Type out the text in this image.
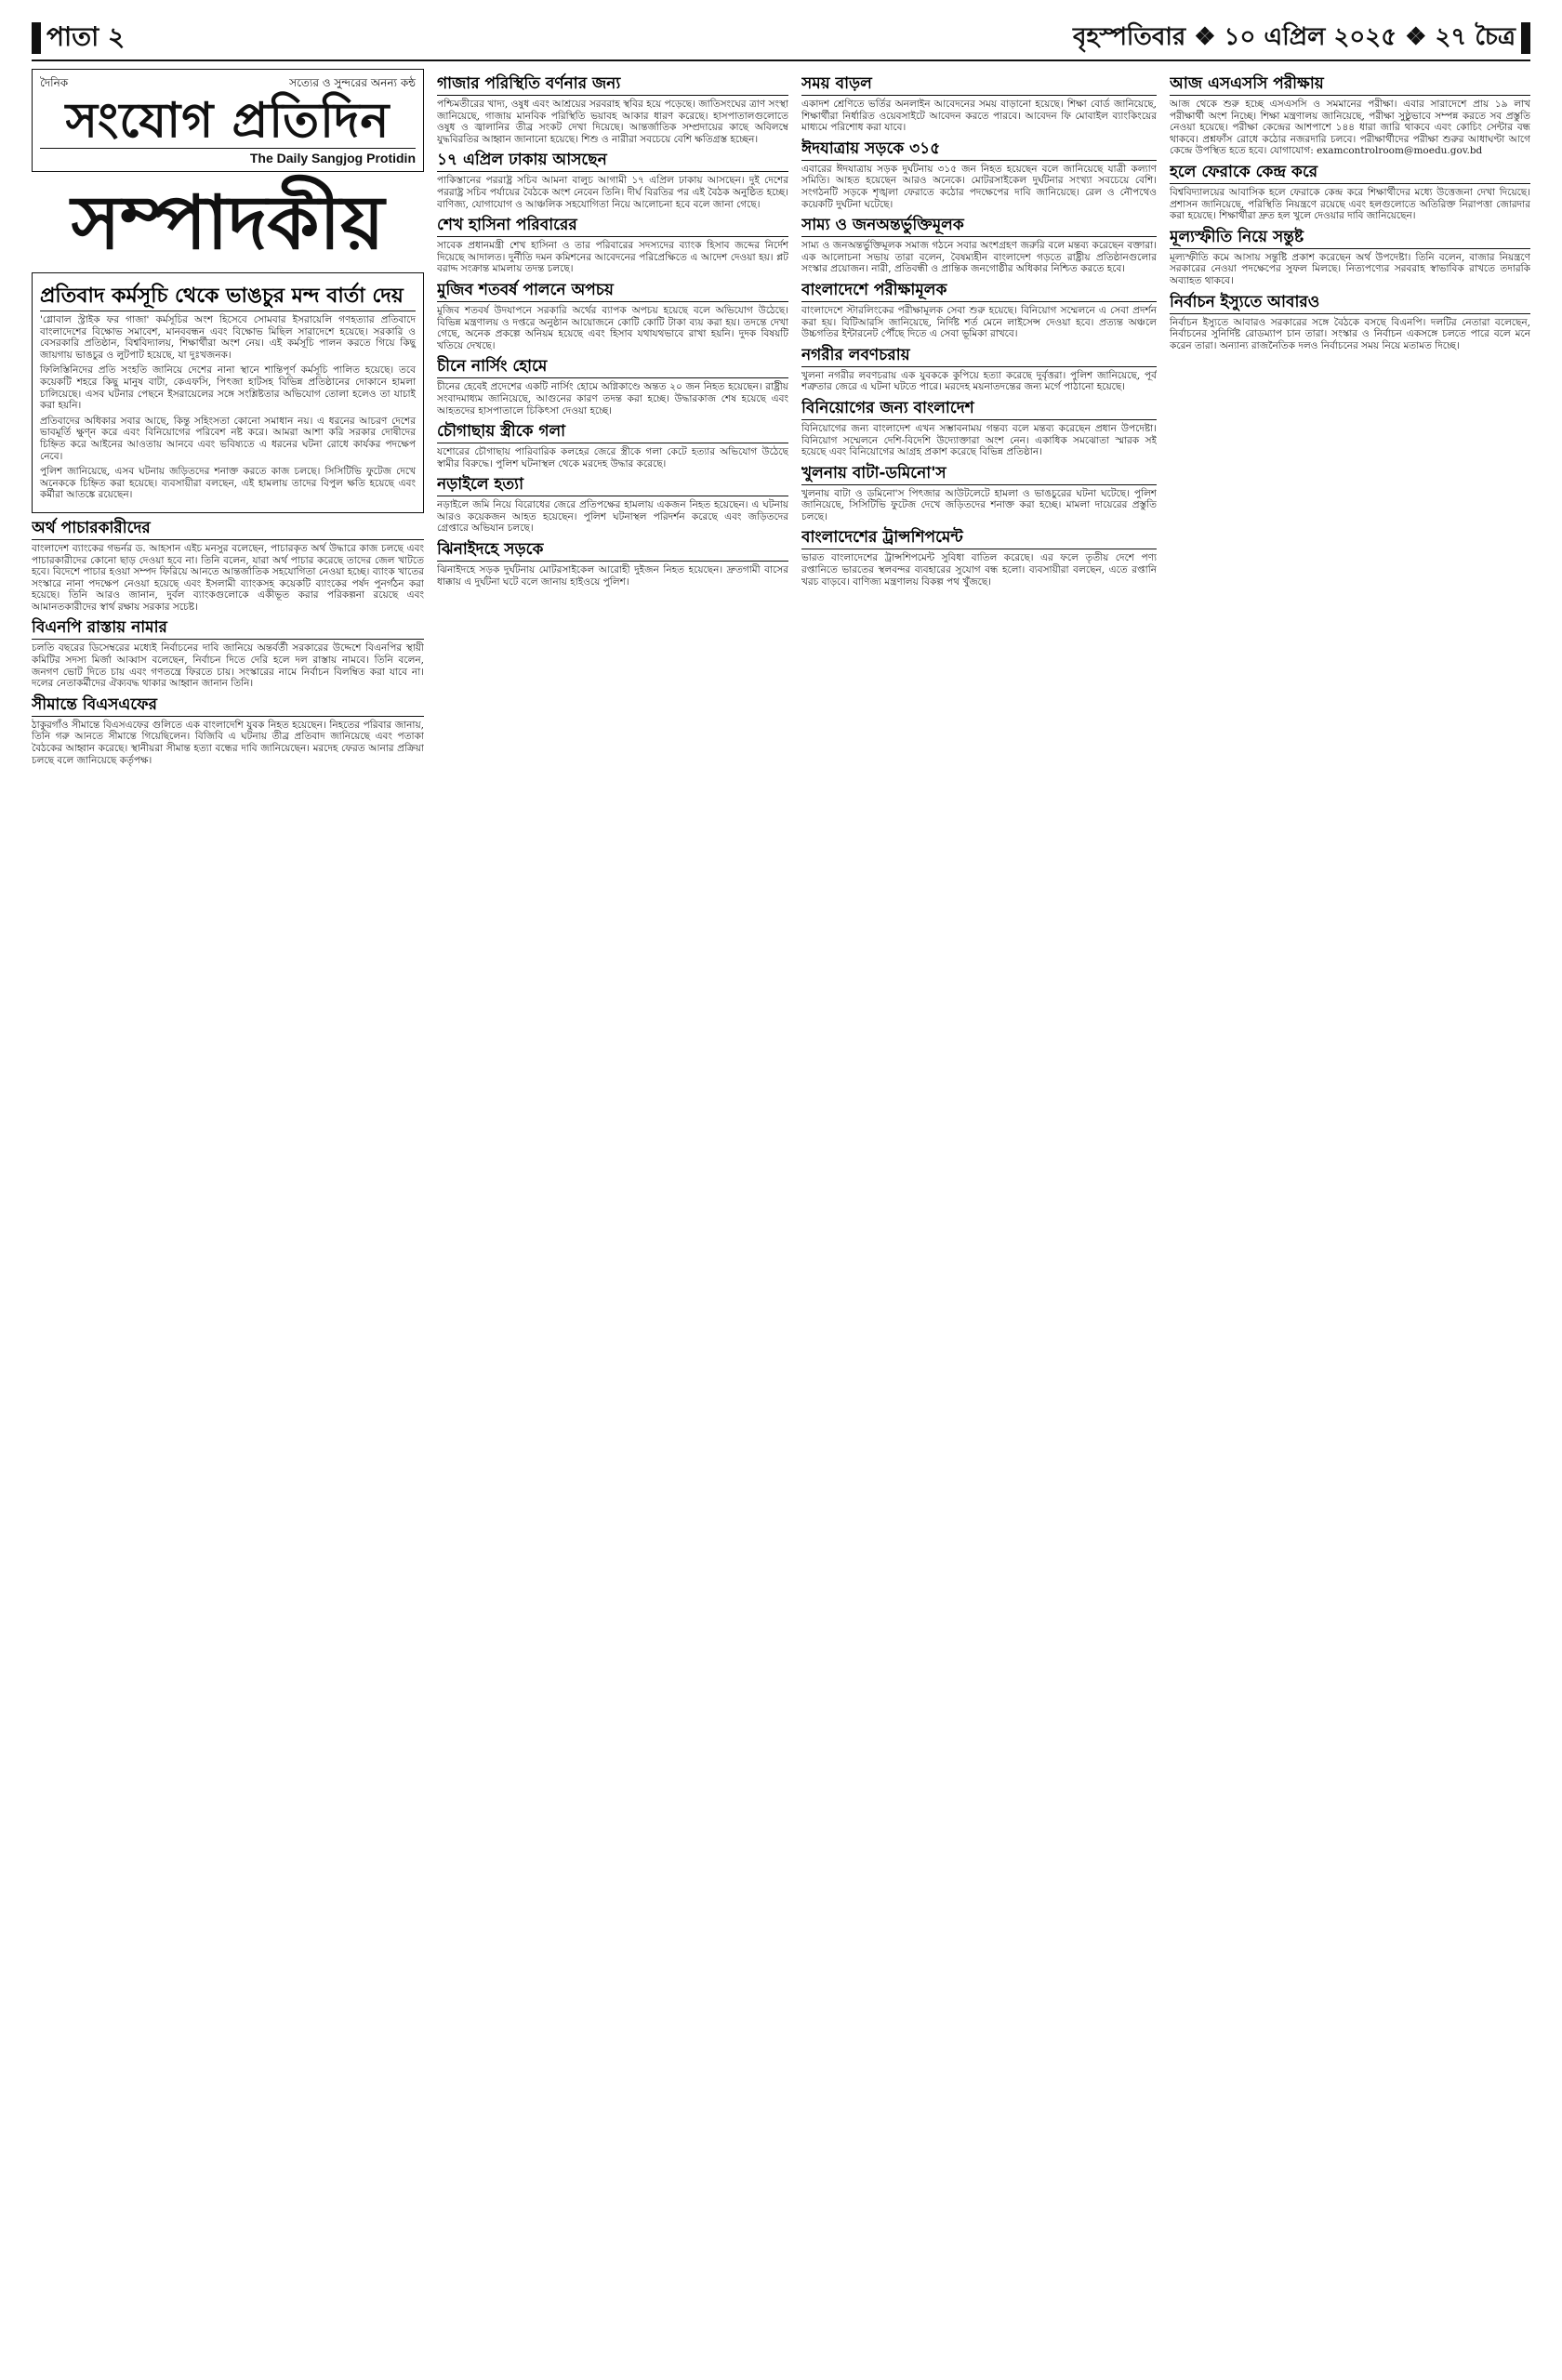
পাতা ২	বৃহস্পতিবার ❖ ১০ এপ্রিল ২০২৫ ❖ ২৭ চৈত্র
দৈনিক	সত্যের ও সুন্দরের অনন্য কন্ঠ
সংযোগ প্রতিদিন
The Daily Sangjog Protidin
সম্পাদকীয়
প্রতিবাদ কর্মসূচি থেকে ভাঙচুর মন্দ বার্তা দেয়

'গ্লোবাল স্ট্রাইক ফর গাজা' কর্মসূচির অংশ হিসেবে সোমবার ইসরায়েলি গণহত্যার প্রতিবাদে বাংলাদেশের বিক্ষোভ সমাবেশ, মানববন্ধন এবং বিক্ষোভ মিছিল সারাদেশে হয়েছে। সরকারি ও বেসরকারি প্রতিষ্ঠান, বিশ্ববিদ্যালয়, শিক্ষার্থীরা অংশ নেয়। এই কর্মসূচি পালন করতে গিয়ে কিছু জায়গায় ভাঙচুর ও লুটপাট হয়েছে, যা দুঃখজনক।

ফিলিস্তিনিদের প্রতি সংহতি জানিয়ে দেশের নানা স্থানে শান্তিপূর্ণ কর্মসূচি পালিত হয়েছে। তবে কয়েকটি শহরে কিছু মানুষ বাটা, কেএফসি, পিৎজা হাটসহ বিভিন্ন প্রতিষ্ঠানের দোকানে হামলা চালিয়েছে। এসব ঘটনার পেছনে ইসরায়েলের সঙ্গে সংশ্লিষ্টতার অভিযোগ তোলা হলেও তা যাচাই করা হয়নি।

প্রতিবাদের অধিকার সবার আছে, কিন্তু সহিংসতা কোনো সমাধান নয়। এ ধরনের আচরণ দেশের ভাবমূর্তি ক্ষুণ্ন করে এবং বিনিয়োগের পরিবেশ নষ্ট করে। আমরা আশা করি সরকার দোষীদের চিহ্নিত করে আইনের আওতায় আনবে এবং ভবিষ্যতে এ ধরনের ঘটনা রোধে কার্যকর পদক্ষেপ নেবে।

পুলিশ জানিয়েছে, এসব ঘটনায় জড়িতদের শনাক্ত করতে কাজ চলছে। সিসিটিভি ফুটেজ দেখে অনেককে চিহ্নিত করা হয়েছে। ব্যবসায়ীরা বলছেন, এই হামলায় তাদের বিপুল ক্ষতি হয়েছে এবং কর্মীরা আতঙ্কে রয়েছেন।

অর্থ পাচারকারীদের

বাংলাদেশ ব্যাংকের গভর্নর ড. আহসান এইচ মনসুর বলেছেন, পাচারকৃত অর্থ উদ্ধারে কাজ চলছে এবং পাচারকারীদের কোনো ছাড় দেওয়া হবে না। তিনি বলেন, যারা অর্থ পাচার করেছে তাদের জেল খাটতে হবে। বিদেশে পাচার হওয়া সম্পদ ফিরিয়ে আনতে আন্তর্জাতিক সহযোগিতা নেওয়া হচ্ছে। ব্যাংক খাতের সংস্কারে নানা পদক্ষেপ নেওয়া হয়েছে এবং ইসলামী ব্যাংকসহ কয়েকটি ব্যাংকের পর্ষদ পুনর্গঠন করা হয়েছে। তিনি আরও জানান, দুর্বল ব্যাংকগুলোকে একীভূত করার পরিকল্পনা রয়েছে এবং আমানতকারীদের স্বার্থ রক্ষায় সরকার সচেষ্ট।

বিএনপি রাস্তায় নামার

চলতি বছরের ডিসেম্বরের মধ্যেই নির্বাচনের দাবি জানিয়ে অন্তর্বর্তী সরকারের উদ্দেশে বিএনপির স্থায়ী কমিটির সদস্য মির্জা আব্বাস বলেছেন, নির্বাচন দিতে দেরি হলে দল রাস্তায় নামবে। তিনি বলেন, জনগণ ভোট দিতে চায় এবং গণতন্ত্রে ফিরতে চায়। সংস্কারের নামে নির্বাচন বিলম্বিত করা যাবে না। দলের নেতাকর্মীদের ঐক্যবদ্ধ থাকার আহ্বান জানান তিনি।

সীমান্তে বিএসএফের

ঠাকুরগাঁও সীমান্তে বিএসএফের গুলিতে এক বাংলাদেশি যুবক নিহত হয়েছেন। নিহতের পরিবার জানায়, তিনি গরু আনতে সীমান্তে গিয়েছিলেন। বিজিবি এ ঘটনায় তীব্র প্রতিবাদ জানিয়েছে এবং পতাকা বৈঠকের আহ্বান করেছে। স্থানীয়রা সীমান্ত হত্যা বন্ধের দাবি জানিয়েছেন। মরদেহ ফেরত আনার প্রক্রিয়া চলছে বলে জানিয়েছে কর্তৃপক্ষ।

গাজার পরিস্থিতি বর্ণনার জন্য

পশ্চিমতীরের খাদ্য, ওষুধ এবং আশ্রয়ের সরবরাহ স্থবির হয়ে পড়েছে। জাতিসংঘের ত্রাণ সংস্থা জানিয়েছে, গাজায় মানবিক পরিস্থিতি ভয়াবহ আকার ধারণ করেছে। হাসপাতালগুলোতে ওষুধ ও জ্বালানির তীব্র সংকট দেখা দিয়েছে। আন্তর্জাতিক সম্প্রদায়ের কাছে অবিলম্বে যুদ্ধবিরতির আহ্বান জানানো হয়েছে। শিশু ও নারীরা সবচেয়ে বেশি ক্ষতিগ্রস্ত হচ্ছেন।

১৭ এপ্রিল ঢাকায় আসছেন

পাকিস্তানের পররাষ্ট্র সচিব আমনা বালুচ আগামী ১৭ এপ্রিল ঢাকায় আসছেন। দুই দেশের পররাষ্ট্র সচিব পর্যায়ের বৈঠকে অংশ নেবেন তিনি। দীর্ঘ বিরতির পর এই বৈঠক অনুষ্ঠিত হচ্ছে। বাণিজ্য, যোগাযোগ ও আঞ্চলিক সহযোগিতা নিয়ে আলোচনা হবে বলে জানা গেছে।

শেখ হাসিনা পরিবারের

সাবেক প্রধানমন্ত্রী শেখ হাসিনা ও তার পরিবারের সদস্যদের ব্যাংক হিসাব জব্দের নির্দেশ দিয়েছে আদালত। দুর্নীতি দমন কমিশনের আবেদনের পরিপ্রেক্ষিতে এ আদেশ দেওয়া হয়। প্লট বরাদ্দ সংক্রান্ত মামলায় তদন্ত চলছে।

মুজিব শতবর্ষ পালনে অপচয়

মুজিব শতবর্ষ উদযাপনে সরকারি অর্থের ব্যাপক অপচয় হয়েছে বলে অভিযোগ উঠেছে। বিভিন্ন মন্ত্রণালয় ও দপ্তরে অনুষ্ঠান আয়োজনে কোটি কোটি টাকা ব্যয় করা হয়। তদন্তে দেখা গেছে, অনেক প্রকল্পে অনিয়ম হয়েছে এবং হিসাব যথাযথভাবে রাখা হয়নি। দুদক বিষয়টি খতিয়ে দেখছে।

চীনে নার্সিং হোমে

চীনের হেবেই প্রদেশের একটি নার্সিং হোমে অগ্নিকাণ্ডে অন্তত ২০ জন নিহত হয়েছেন। রাষ্ট্রীয় সংবাদমাধ্যম জানিয়েছে, আগুনের কারণ তদন্ত করা হচ্ছে। উদ্ধারকাজ শেষ হয়েছে এবং আহতদের হাসপাতালে চিকিৎসা দেওয়া হচ্ছে।

চৌগাছায় স্ত্রীকে গলা

যশোরের চৌগাছায় পারিবারিক কলহের জেরে স্ত্রীকে গলা কেটে হত্যার অভিযোগ উঠেছে স্বামীর বিরুদ্ধে। পুলিশ ঘটনাস্থল থেকে মরদেহ উদ্ধার করেছে।

নড়াইলে হত্যা

নড়াইলে জমি নিয়ে বিরোধের জেরে প্রতিপক্ষের হামলায় একজন নিহত হয়েছেন। এ ঘটনায় আরও কয়েকজন আহত হয়েছেন। পুলিশ ঘটনাস্থল পরিদর্শন করেছে এবং জড়িতদের গ্রেপ্তারে অভিযান চলছে।

ঝিনাইদহে সড়কে

ঝিনাইদহে সড়ক দুর্ঘটনায় মোটরসাইকেল আরোহী দুইজন নিহত হয়েছেন। দ্রুতগামী বাসের ধাক্কায় এ দুর্ঘটনা ঘটে বলে জানায় হাইওয়ে পুলিশ।

সময় বাড়ল

একাদশ শ্রেণিতে ভর্তির অনলাইন আবেদনের সময় বাড়ানো হয়েছে। শিক্ষা বোর্ড জানিয়েছে, শিক্ষার্থীরা নির্ধারিত ওয়েবসাইটে আবেদন করতে পারবে। আবেদন ফি মোবাইল ব্যাংকিংয়ের মাধ্যমে পরিশোধ করা যাবে।

ঈদযাত্রায় সড়কে ৩১৫

এবারের ঈদযাত্রায় সড়ক দুর্ঘটনায় ৩১৫ জন নিহত হয়েছেন বলে জানিয়েছে যাত্রী কল্যাণ সমিতি। আহত হয়েছেন আরও অনেকে। মোটরসাইকেল দুর্ঘটনার সংখ্যা সবচেয়ে বেশি। সংগঠনটি সড়কে শৃঙ্খলা ফেরাতে কঠোর পদক্ষেপের দাবি জানিয়েছে। রেল ও নৌপথেও কয়েকটি দুর্ঘটনা ঘটেছে।

সাম্য ও জনঅন্তর্ভুক্তিমূলক

সাম্য ও জনঅন্তর্ভুক্তিমূলক সমাজ গঠনে সবার অংশগ্রহণ জরুরি বলে মন্তব্য করেছেন বক্তারা। এক আলোচনা সভায় তারা বলেন, বৈষম্যহীন বাংলাদেশ গড়তে রাষ্ট্রীয় প্রতিষ্ঠানগুলোর সংস্কার প্রয়োজন। নারী, প্রতিবন্ধী ও প্রান্তিক জনগোষ্ঠীর অধিকার নিশ্চিত করতে হবে।

বাংলাদেশে পরীক্ষামূলক

বাংলাদেশে স্টারলিংকের পরীক্ষামূলক সেবা শুরু হয়েছে। বিনিয়োগ সম্মেলনে এ সেবা প্রদর্শন করা হয়। বিটিআরসি জানিয়েছে, নির্দিষ্ট শর্ত মেনে লাইসেন্স দেওয়া হবে। প্রত্যন্ত অঞ্চলে উচ্চগতির ইন্টারনেট পৌঁছে দিতে এ সেবা ভূমিকা রাখবে।

নগরীর লবণচরায়

খুলনা নগরীর লবণচরায় এক যুবককে কুপিয়ে হত্যা করেছে দুর্বৃত্তরা। পুলিশ জানিয়েছে, পূর্ব শত্রুতার জেরে এ ঘটনা ঘটতে পারে। মরদেহ ময়নাতদন্তের জন্য মর্গে পাঠানো হয়েছে।

বিনিয়োগের জন্য বাংলাদেশ

বিনিয়োগের জন্য বাংলাদেশ এখন সম্ভাবনাময় গন্তব্য বলে মন্তব্য করেছেন প্রধান উপদেষ্টা। বিনিয়োগ সম্মেলনে দেশি-বিদেশি উদ্যোক্তারা অংশ নেন। একাধিক সমঝোতা স্মারক সই হয়েছে এবং বিনিয়োগের আগ্রহ প্রকাশ করেছে বিভিন্ন প্রতিষ্ঠান।

খুলনায় বাটা-ডমিনো'স

খুলনায় বাটা ও ডমিনো'স পিৎজার আউটলেটে হামলা ও ভাঙচুরের ঘটনা ঘটেছে। পুলিশ জানিয়েছে, সিসিটিভি ফুটেজ দেখে জড়িতদের শনাক্ত করা হচ্ছে। মামলা দায়েরের প্রস্তুতি চলছে।

বাংলাদেশের ট্রান্সশিপমেন্ট

ভারত বাংলাদেশের ট্রান্সশিপমেন্ট সুবিধা বাতিল করেছে। এর ফলে তৃতীয় দেশে পণ্য রপ্তানিতে ভারতের স্থলবন্দর ব্যবহারের সুযোগ বন্ধ হলো। ব্যবসায়ীরা বলছেন, এতে রপ্তানি খরচ বাড়বে। বাণিজ্য মন্ত্রণালয় বিকল্প পথ খুঁজছে।

আজ এসএসসি পরীক্ষায়

আজ থেকে শুরু হচ্ছে এসএসসি ও সমমানের পরীক্ষা। এবার সারাদেশে প্রায় ১৯ লাখ পরীক্ষার্থী অংশ নিচ্ছে। শিক্ষা মন্ত্রণালয় জানিয়েছে, পরীক্ষা সুষ্ঠুভাবে সম্পন্ন করতে সব প্রস্তুতি নেওয়া হয়েছে। পরীক্ষা কেন্দ্রের আশপাশে ১৪৪ ধারা জারি থাকবে এবং কোচিং সেন্টার বন্ধ থাকবে। প্রশ্নফাঁস রোধে কঠোর নজরদারি চলবে। পরীক্ষার্থীদের পরীক্ষা শুরুর আধাঘণ্টা আগে কেন্দ্রে উপস্থিত হতে হবে। যোগাযোগ: examcontrolroom@moedu.gov.bd

হলে ফেরাকে কেন্দ্র করে

বিশ্ববিদ্যালয়ের আবাসিক হলে ফেরাকে কেন্দ্র করে শিক্ষার্থীদের মধ্যে উত্তেজনা দেখা দিয়েছে। প্রশাসন জানিয়েছে, পরিস্থিতি নিয়ন্ত্রণে রয়েছে এবং হলগুলোতে অতিরিক্ত নিরাপত্তা জোরদার করা হয়েছে। শিক্ষার্থীরা দ্রুত হল খুলে দেওয়ার দাবি জানিয়েছেন।

মূল্যস্ফীতি নিয়ে সন্তুষ্ট

মূল্যস্ফীতি কমে আসায় সন্তুষ্টি প্রকাশ করেছেন অর্থ উপদেষ্টা। তিনি বলেন, বাজার নিয়ন্ত্রণে সরকারের নেওয়া পদক্ষেপের সুফল মিলছে। নিত্যপণ্যের সরবরাহ স্বাভাবিক রাখতে তদারকি অব্যাহত থাকবে।

নির্বাচন ইস্যুতে আবারও

নির্বাচন ইস্যুতে আবারও সরকারের সঙ্গে বৈঠকে বসছে বিএনপি। দলটির নেতারা বলেছেন, নির্বাচনের সুনির্দিষ্ট রোডম্যাপ চান তারা। সংস্কার ও নির্বাচন একসঙ্গে চলতে পারে বলে মনে করেন তারা। অন্যান্য রাজনৈতিক দলও নির্বাচনের সময় নিয়ে মতামত দিচ্ছে।
